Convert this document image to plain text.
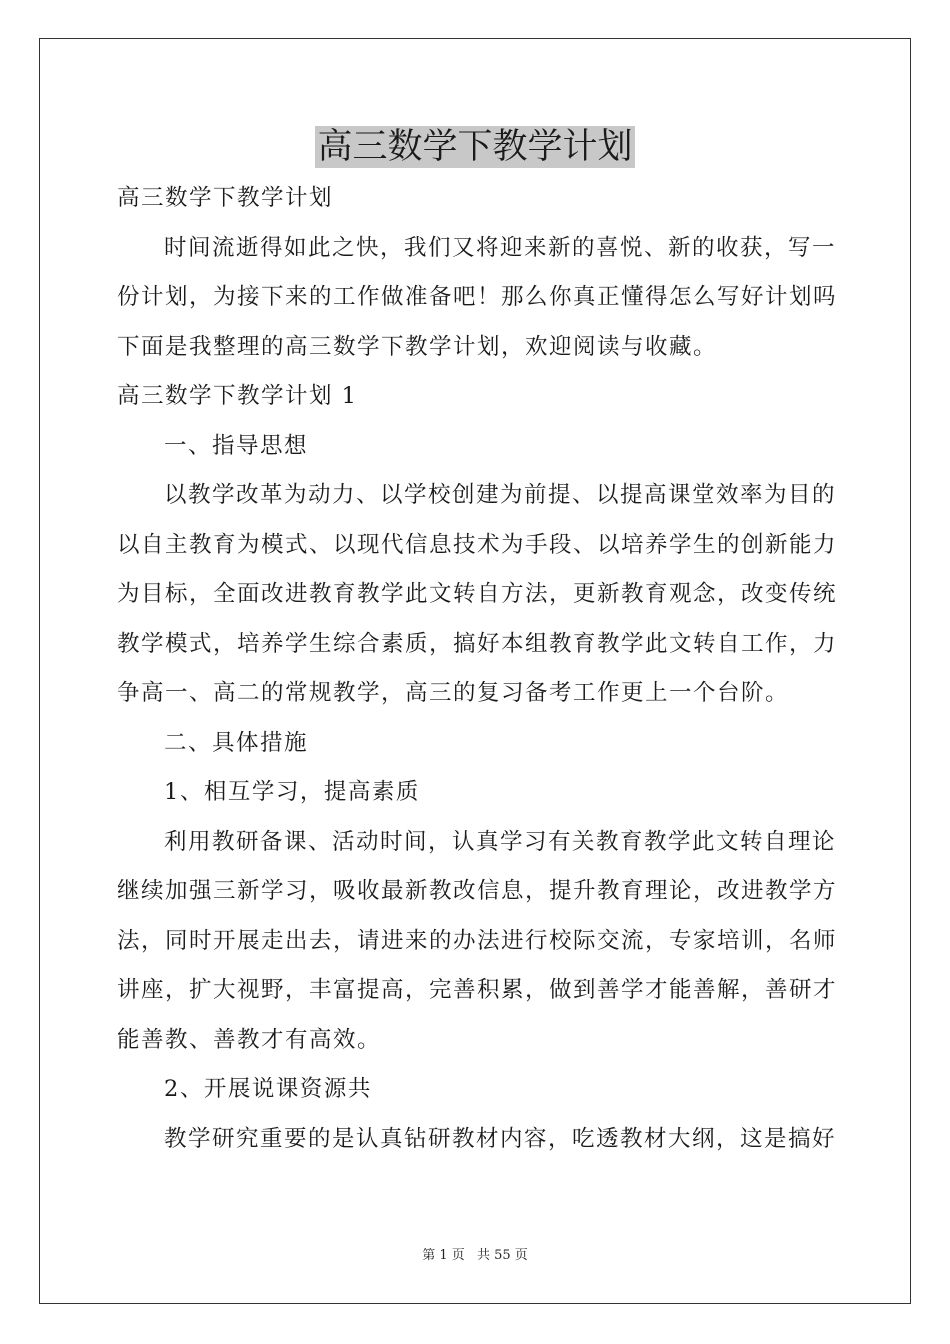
高三数学下教学计划
高三数学下教学计划
时间流逝得如此之快，我们又将迎来新的喜悦、新的收获，写一
份计划，为接下来的工作做准备吧！那么你真正懂得怎么写好计划吗
下面是我整理的高三数学下教学计划，欢迎阅读与收藏。
高三数学下教学计划 1
一、指导思想
以教学改革为动力、以学校创建为前提、以提高课堂效率为目的
以自主教育为模式、以现代信息技术为手段、以培养学生的创新能力
为目标，全面改进教育教学此文转自方法，更新教育观念，改变传统
教学模式，培养学生综合素质，搞好本组教育教学此文转自工作，力
争高一、高二的常规教学，高三的复习备考工作更上一个台阶。
二、具体措施
1、相互学习，提高素质
利用教研备课、活动时间，认真学习有关教育教学此文转自理论
继续加强三新学习，吸收最新教改信息，提升教育理论，改进教学方
法，同时开展走出去，请进来的办法进行校际交流，专家培训，名师
讲座，扩大视野，丰富提高，完善积累，做到善学才能善解，善研才
能善教、善教才有高效。
2、开展说课资源共
教学研究重要的是认真钻研教材内容，吃透教材大纲，这是搞好
第 1 页 共 55 页
